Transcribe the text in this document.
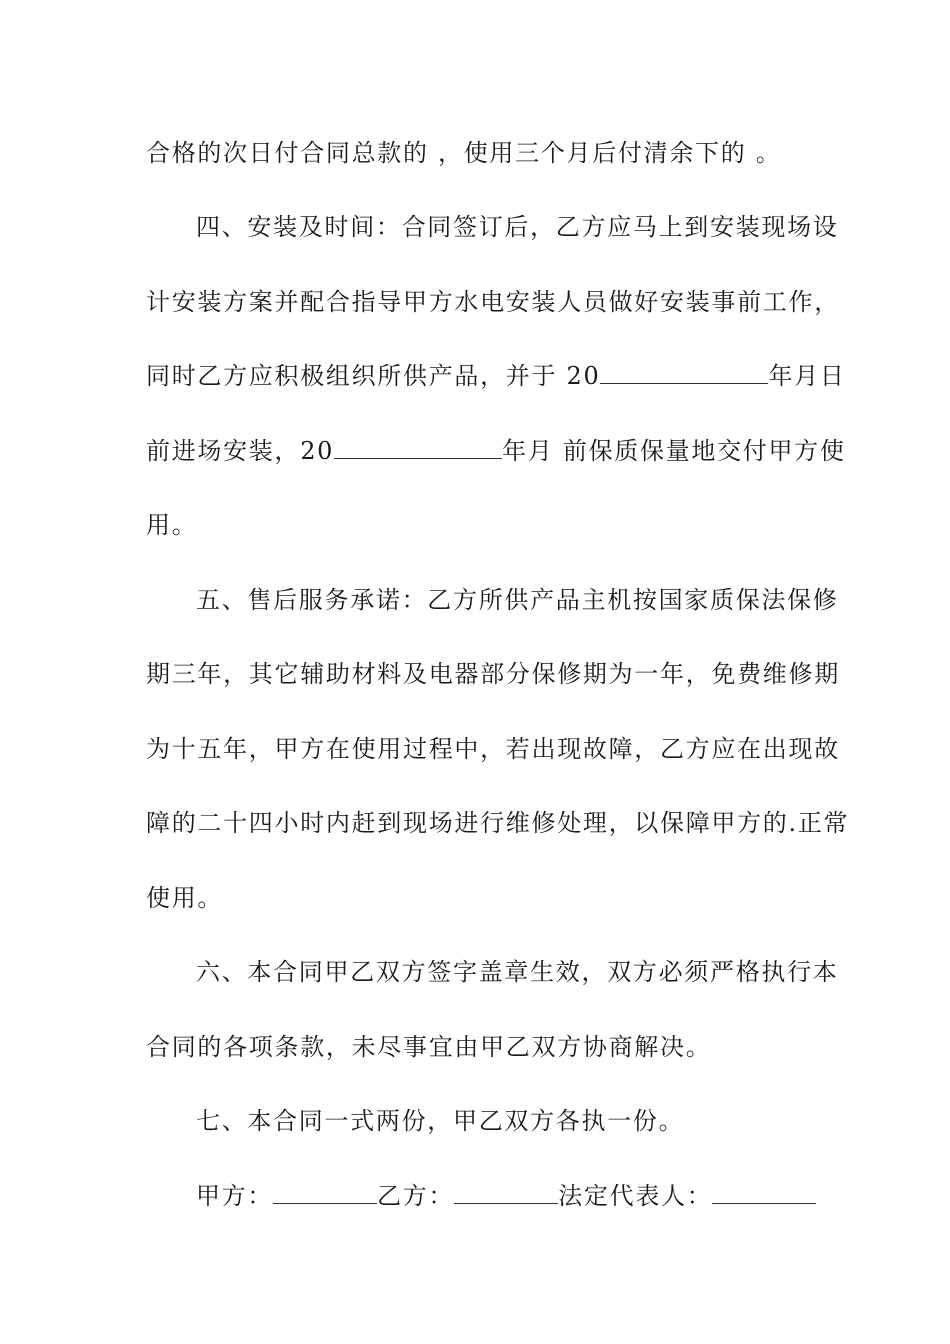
合格的次日付合同总款的 ，使用三个月后付清余下的 。
四、安装及时间：合同签订后，乙方应马上到安装现场设
计安装方案并配合指导甲方水电安装人员做好安装事前工作，
同时乙方应积极组织所供产品，并于 20	年月日
前进场安装，20	年月 前保质保量地交付甲方使
用。
五、售后服务承诺：乙方所供产品主机按国家质保法保修
期三年，其它辅助材料及电器部分保修期为一年，免费维修期
为十五年，甲方在使用过程中，若出现故障，乙方应在出现故
障的二十四小时内赶到现场进行维修处理，以保障甲方的.正常
使用。
六、本合同甲乙双方签字盖章生效，双方必须严格执行本
合同的各项条款，未尽事宜由甲乙双方协商解决。
七、本合同一式两份，甲乙双方各执一份。
甲方：	乙方：	法定代表人：
